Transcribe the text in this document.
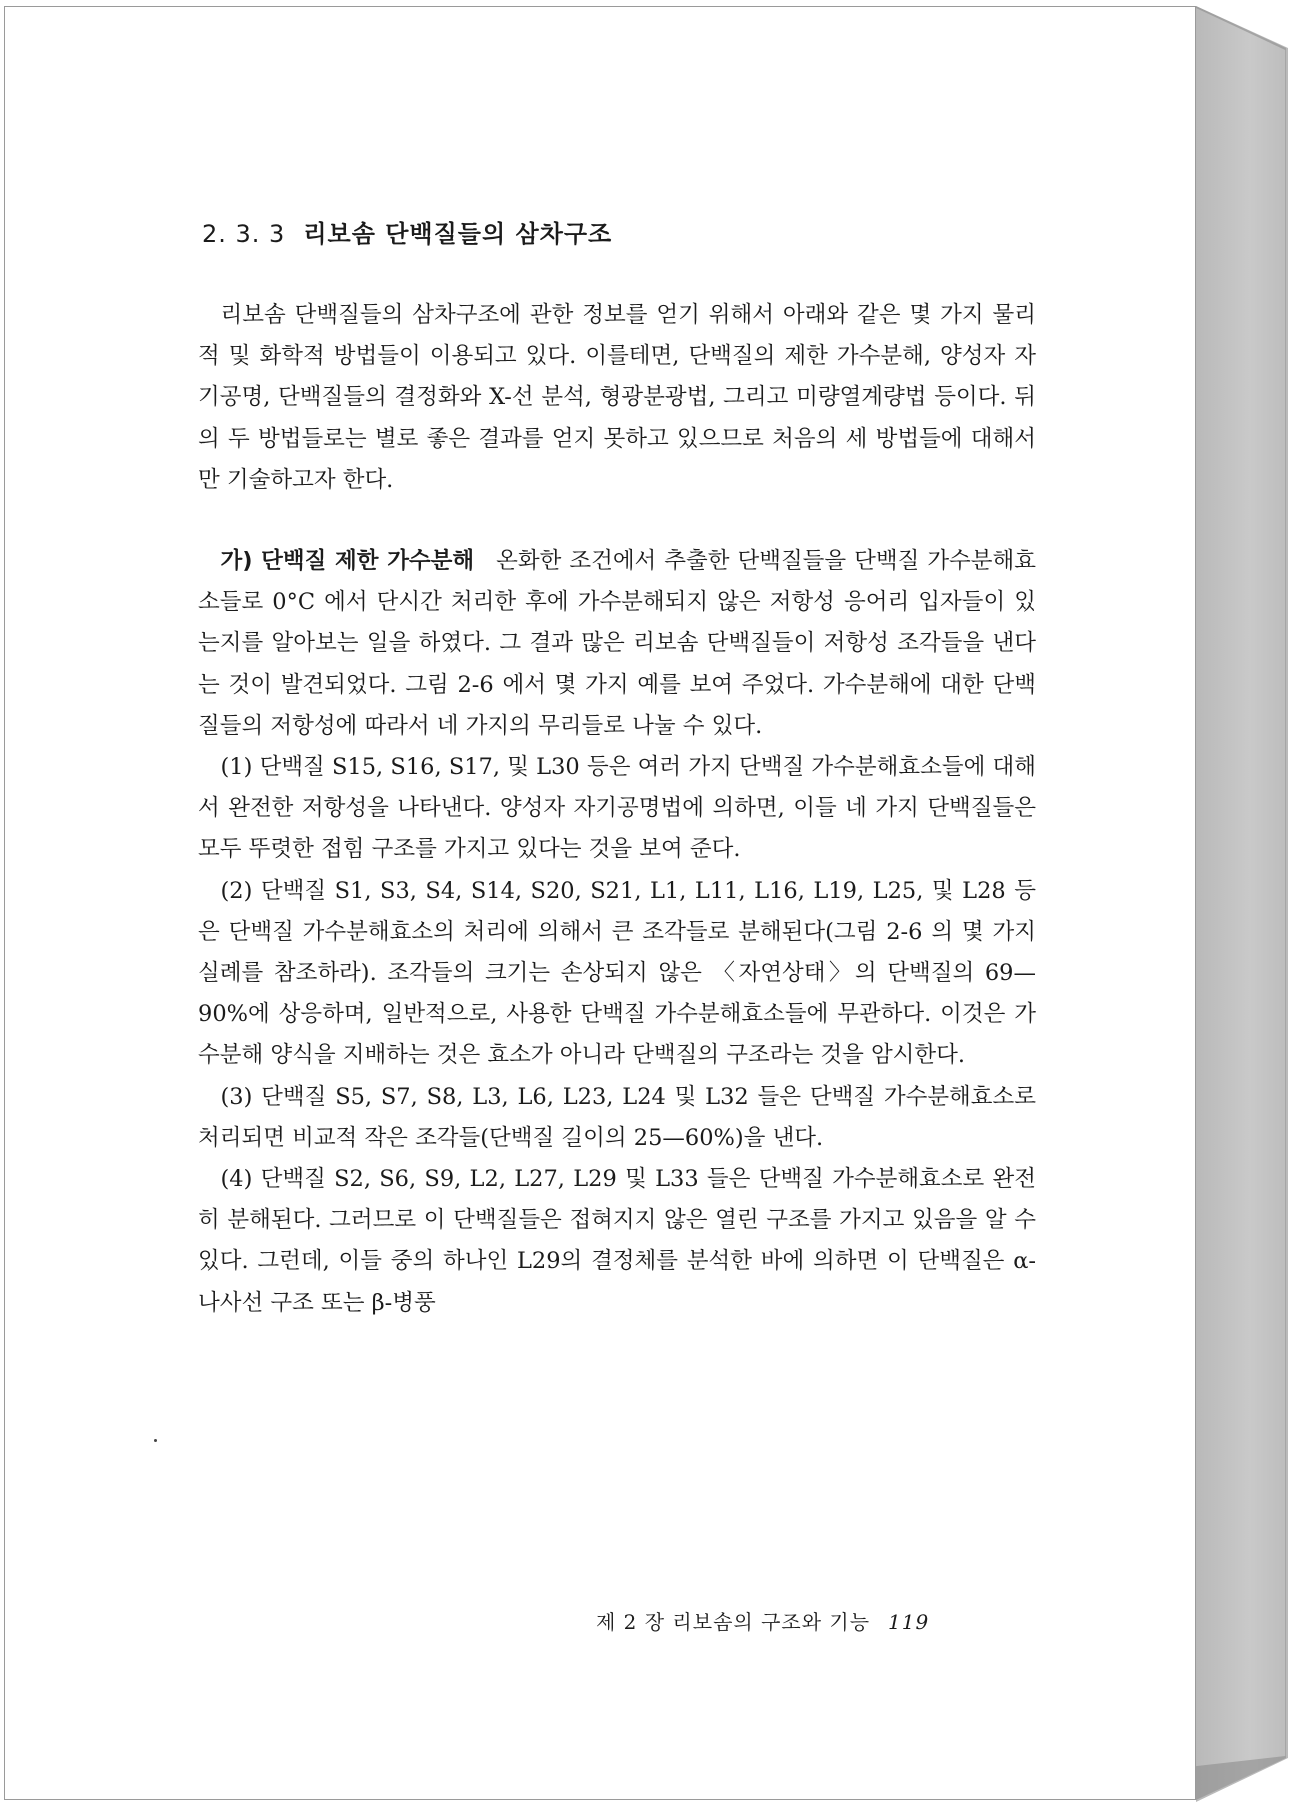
2. 3. 3 리보솜 단백질들의 삼차구조

리보솜 단백질들의 삼차구조에 관한 정보를 얻기 위해서 아래와 같은 몇 가지 물리적 및 화학적 방법들이 이용되고 있다. 이를테면, 단백질의 제한 가수분해, 양성자 자기공명, 단백질들의 결정화와 X-선 분석, 형광분광법, 그리고 미량열계량법 등이다. 뒤의 두 방법들로는 별로 좋은 결과를 얻지 못하고 있으므로 처음의 세 방법들에 대해서만 기술하고자 한다.

가) 단백질 제한 가수분해 온화한 조건에서 추출한 단백질들을 단백질 가수분해효소들로 0°C 에서 단시간 처리한 후에 가수분해되지 않은 저항성 응어리 입자들이 있는지를 알아보는 일을 하였다. 그 결과 많은 리보솜 단백질들이 저항성 조각들을 낸다는 것이 발견되었다. 그림 2-6 에서 몇 가지 예를 보여 주었다. 가수분해에 대한 단백질들의 저항성에 따라서 네 가지의 무리들로 나눌 수 있다.

(1) 단백질 S15, S16, S17, 및 L30 등은 여러 가지 단백질 가수분해효소들에 대해서 완전한 저항성을 나타낸다. 양성자 자기공명법에 의하면, 이들 네 가지 단백질들은 모두 뚜렷한 접힘 구조를 가지고 있다는 것을 보여 준다.

(2) 단백질 S1, S3, S4, S14, S20, S21, L1, L11, L16, L19, L25, 및 L28 등은 단백질 가수분해효소의 처리에 의해서 큰 조각들로 분해된다(그림 2-6 의 몇 가지 실례를 참조하라). 조각들의 크기는 손상되지 않은 〈자연상태〉의 단백질의 69—90%에 상응하며, 일반적으로, 사용한 단백질 가수분해효소들에 무관하다. 이것은 가수분해 양식을 지배하는 것은 효소가 아니라 단백질의 구조라는 것을 암시한다.

(3) 단백질 S5, S7, S8, L3, L6, L23, L24 및 L32 들은 단백질 가수분해효소로 처리되면 비교적 작은 조각들(단백질 길이의 25—60%)을 낸다.

(4) 단백질 S2, S6, S9, L2, L27, L29 및 L33 들은 단백질 가수분해효소로 완전히 분해된다. 그러므로 이 단백질들은 접혀지지 않은 열린 구조를 가지고 있음을 알 수 있다. 그런데, 이들 중의 하나인 L29의 결정체를 분석한 바에 의하면 이 단백질은 α-나사선 구조 또는 β-병풍

제 2 장 리보솜의 구조와 기능 119
